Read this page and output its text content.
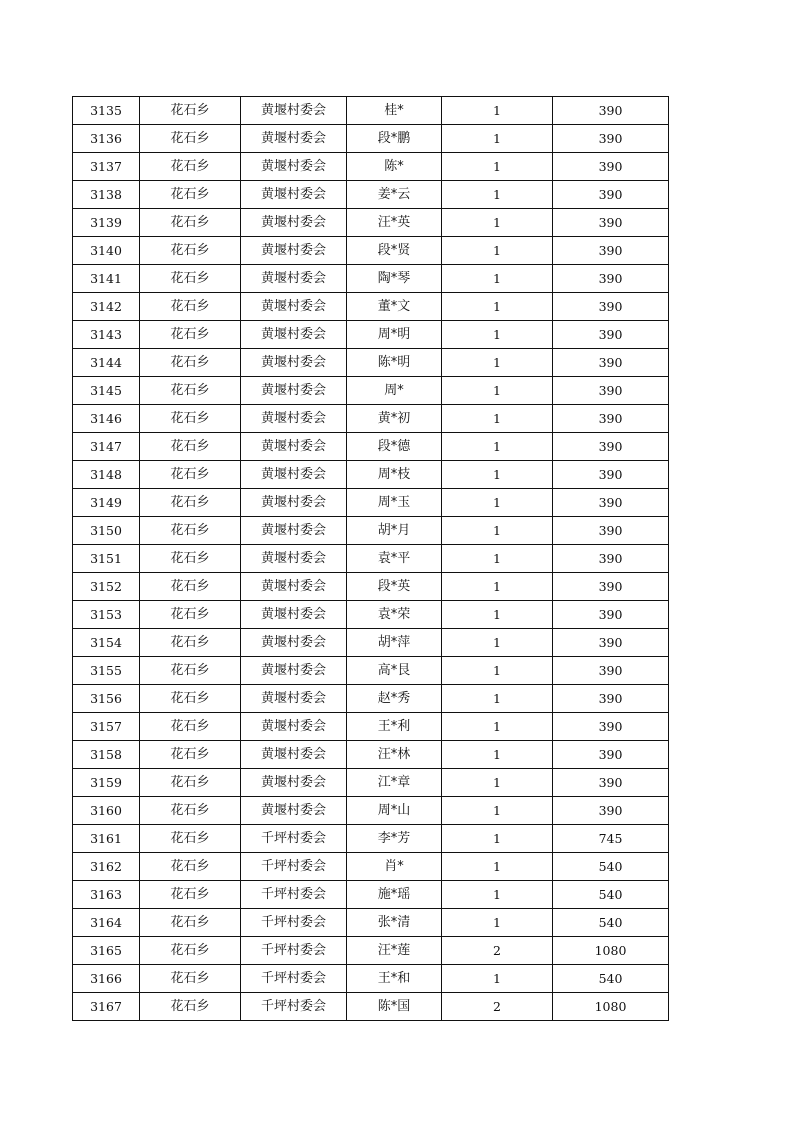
3135	花石乡	黄堰村委会	桂*	1	390
3136	花石乡	黄堰村委会	段*鹏	1	390
3137	花石乡	黄堰村委会	陈*	1	390
3138	花石乡	黄堰村委会	姜*云	1	390
3139	花石乡	黄堰村委会	汪*英	1	390
3140	花石乡	黄堰村委会	段*贤	1	390
3141	花石乡	黄堰村委会	陶*琴	1	390
3142	花石乡	黄堰村委会	董*文	1	390
3143	花石乡	黄堰村委会	周*明	1	390
3144	花石乡	黄堰村委会	陈*明	1	390
3145	花石乡	黄堰村委会	周*	1	390
3146	花石乡	黄堰村委会	黄*初	1	390
3147	花石乡	黄堰村委会	段*德	1	390
3148	花石乡	黄堰村委会	周*枝	1	390
3149	花石乡	黄堰村委会	周*玉	1	390
3150	花石乡	黄堰村委会	胡*月	1	390
3151	花石乡	黄堰村委会	袁*平	1	390
3152	花石乡	黄堰村委会	段*英	1	390
3153	花石乡	黄堰村委会	袁*荣	1	390
3154	花石乡	黄堰村委会	胡*萍	1	390
3155	花石乡	黄堰村委会	高*艮	1	390
3156	花石乡	黄堰村委会	赵*秀	1	390
3157	花石乡	黄堰村委会	王*利	1	390
3158	花石乡	黄堰村委会	汪*林	1	390
3159	花石乡	黄堰村委会	江*章	1	390
3160	花石乡	黄堰村委会	周*山	1	390
3161	花石乡	千坪村委会	李*芳	1	745
3162	花石乡	千坪村委会	肖*	1	540
3163	花石乡	千坪村委会	施*瑶	1	540
3164	花石乡	千坪村委会	张*清	1	540
3165	花石乡	千坪村委会	汪*莲	2	1080
3166	花石乡	千坪村委会	王*和	1	540
3167	花石乡	千坪村委会	陈*国	2	1080
